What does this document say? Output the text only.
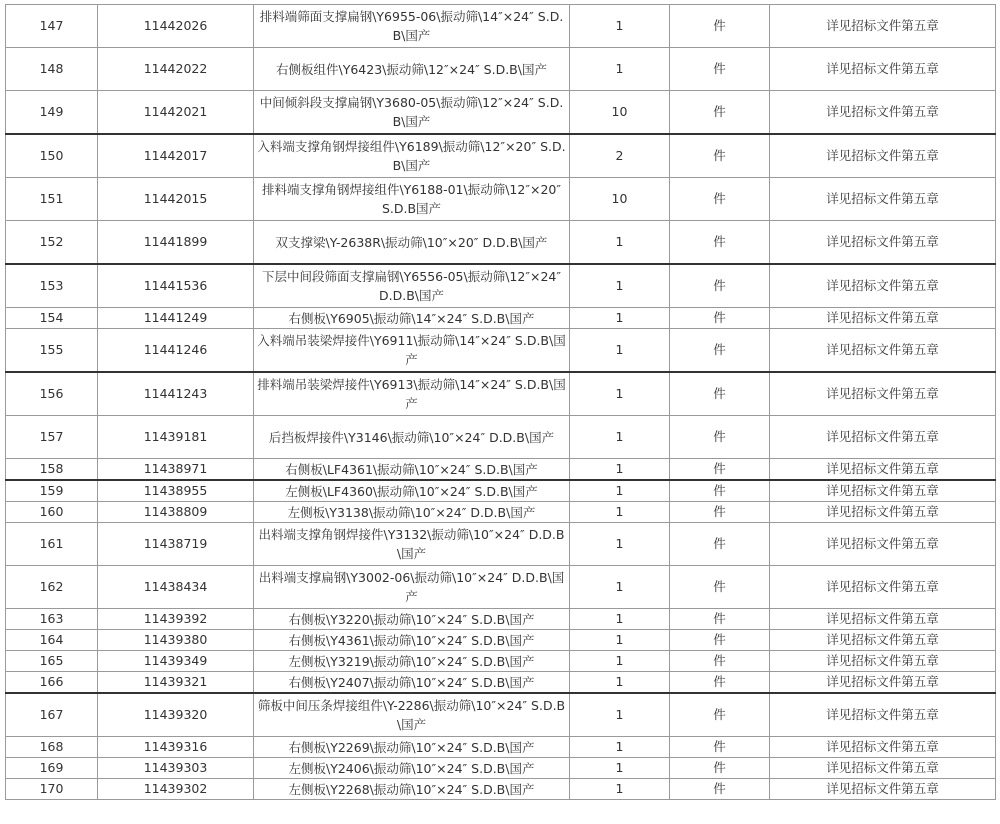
147	11442026	排料端筛面支撑扁钢\Y6955-06\振动筛\14″×24″ S.D.B\国产	1	件	详见招标文件第五章
148	11442022	右侧板组件\Y6423\振动筛\12″×24″ S.D.B\国产	1	件	详见招标文件第五章
149	11442021	中间倾斜段支撑扁钢\Y3680-05\振动筛\12″×24″ S.D.B\国产	10	件	详见招标文件第五章
150	11442017	入料端支撑角钢焊接组件\Y6189\振动筛\12″×20″ S.D.B\国产	2	件	详见招标文件第五章
151	11442015	排料端支撑角钢焊接组件\Y6188-01\振动筛\12″×20″ S.D.B国产	10	件	详见招标文件第五章
152	11441899	双支撑梁\Y-2638R\振动筛\10″×20″ D.D.B\国产	1	件	详见招标文件第五章
153	11441536	下层中间段筛面支撑扁钢\Y6556-05\振动筛\12″×24″ D.D.B\国产	1	件	详见招标文件第五章
154	11441249	右侧板\Y6905\振动筛\14″×24″ S.D.B\国产	1	件	详见招标文件第五章
155	11441246	入料端吊装梁焊接件\Y6911\振动筛\14″×24″ S.D.B\国产	1	件	详见招标文件第五章
156	11441243	排料端吊装梁焊接件\Y6913\振动筛\14″×24″ S.D.B\国产	1	件	详见招标文件第五章
157	11439181	后挡板焊接件\Y3146\振动筛\10″×24″ D.D.B\国产	1	件	详见招标文件第五章
158	11438971	右侧板\LF4361\振动筛\10″×24″ S.D.B\国产	1	件	详见招标文件第五章
159	11438955	左侧板\LF4360\振动筛\10″×24″ S.D.B\国产	1	件	详见招标文件第五章
160	11438809	左侧板\Y3138\振动筛\10″×24″ D.D.B\国产	1	件	详见招标文件第五章
161	11438719	出料端支撑角钢焊接件\Y3132\振动筛\10″×24″ D.D.B\国产	1	件	详见招标文件第五章
162	11438434	出料端支撑扁钢\Y3002-06\振动筛\10″×24″ D.D.B\国产	1	件	详见招标文件第五章
163	11439392	右侧板\Y3220\振动筛\10″×24″ S.D.B\国产	1	件	详见招标文件第五章
164	11439380	右侧板\Y4361\振动筛\10″×24″ S.D.B\国产	1	件	详见招标文件第五章
165	11439349	左侧板\Y3219\振动筛\10″×24″ S.D.B\国产	1	件	详见招标文件第五章
166	11439321	右侧板\Y2407\振动筛\10″×24″ S.D.B\国产	1	件	详见招标文件第五章
167	11439320	筛板中间压条焊接组件\Y-2286\振动筛\10″×24″ S.D.B\国产	1	件	详见招标文件第五章
168	11439316	右侧板\Y2269\振动筛\10″×24″ S.D.B\国产	1	件	详见招标文件第五章
169	11439303	左侧板\Y2406\振动筛\10″×24″ S.D.B\国产	1	件	详见招标文件第五章
170	11439302	左侧板\Y2268\振动筛\10″×24″ S.D.B\国产	1	件	详见招标文件第五章
